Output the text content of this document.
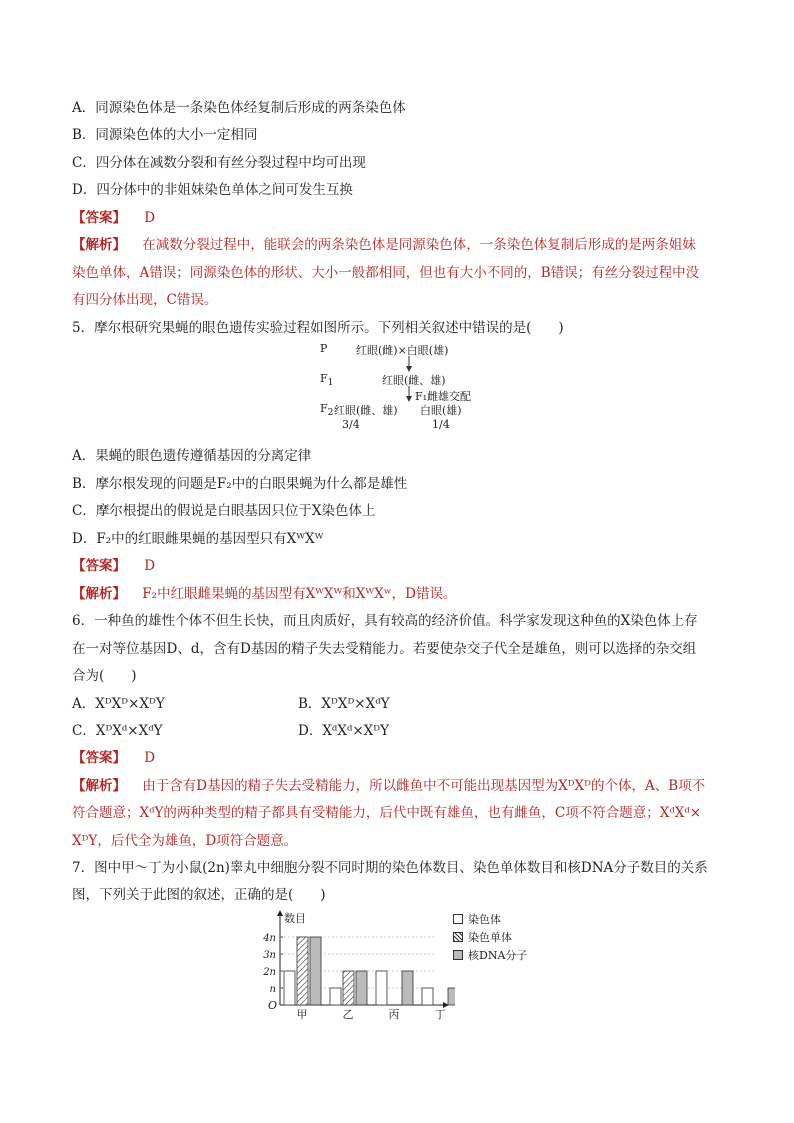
A．同源染色体是一条染色体经复制后形成的两条染色体
B．同源染色体的大小一定相同
C．四分体在减数分裂和有丝分裂过程中均可出现
D．四分体中的非姐妹染色单体之间可发生互换
【答案】 D
【解析】 在减数分裂过程中，能联会的两条染色体是同源染色体，一条染色体复制后形成的是两条姐妹
染色单体，A错误；同源染色体的形状、大小一般都相同，但也有大小不同的，B错误；有丝分裂过程中没
有四分体出现，C错误。
5．摩尔根研究果蝇的眼色遗传实验过程如图所示。下列相关叙述中错误的是(　　)
P	红眼(雌)×白眼(雄)
$F_1$	红眼(雌、雄)
F₁雌雄交配
$F_2$ 红眼(雌、雄) 白眼(雄)
3/4	1/4
A．果蝇的眼色遗传遵循基因的分离定律
B．摩尔根发现的问题是F₂中的白眼果蝇为什么都是雄性
C．摩尔根提出的假说是白眼基因只位于X染色体上
D．F₂中的红眼雌果蝇的基因型只有XᵂXᵂ
【答案】 D
【解析】 F₂中红眼雌果蝇的基因型有XᵂXᵂ和XᵂXʷ，D错误。
6．一种鱼的雄性个体不但生长快，而且肉质好，具有较高的经济价值。科学家发现这种鱼的X染色体上存
在一对等位基因D、d，含有D基因的精子失去受精能力。若要使杂交子代全是雄鱼，则可以选择的杂交组
合为(　　)
A．XᴰXᴰ×XᴰY	B．XᴰXᴰ×XᵈY
C．XᴰXᵈ×XᵈY	D．XᵈXᵈ×XᴰY
【答案】 D
【解析】 由于含有D基因的精子失去受精能力，所以雌鱼中不可能出现基因型为XᴰXᴰ的个体，A、B项不
符合题意；XᵈY的两种类型的精子都具有受精能力，后代中既有雄鱼，也有雌鱼，C项不符合题意；XᵈXᵈ×
XᴰY，后代全为雄鱼，D项符合题意。
7．图中甲～丁为小鼠(2n)睾丸中细胞分裂不同时期的染色体数目、染色单体数目和核DNA分子数目的关系
图，下列关于此图的叙述，正确的是(　　)
数目
O
n
2n
3n
4n
甲	乙	丙	丁
染色体
染色单体
核DNA分子
